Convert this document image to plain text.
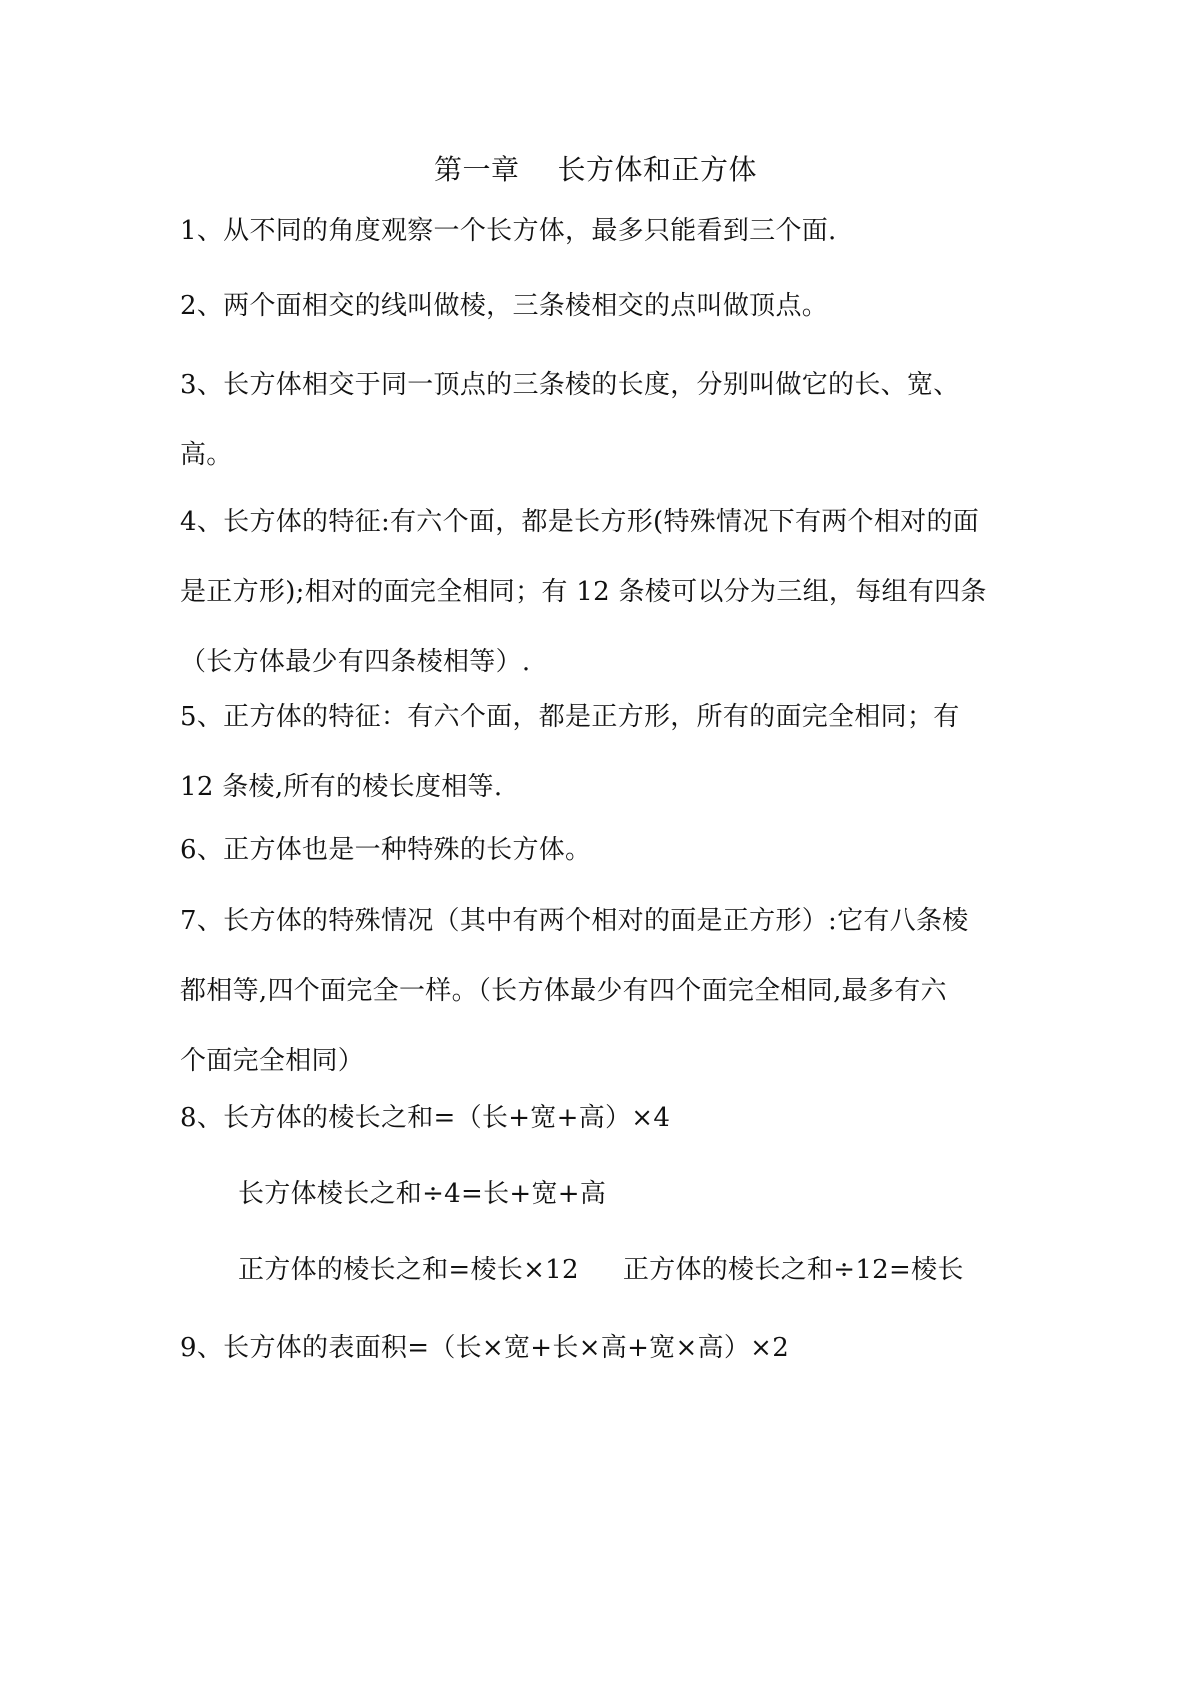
第一章　 长方体和正方体
1、从不同的角度观察一个长方体，最多只能看到三个面.
2、两个面相交的线叫做棱，三条棱相交的点叫做顶点。
3、长方体相交于同一顶点的三条棱的长度，分别叫做它的长、宽、
高。
4、长方体的特征:有六个面，都是长方形(特殊情况下有两个相对的面
是正方形);相对的面完全相同；有 12 条棱可以分为三组，每组有四条
（长方体最少有四条棱相等）.
5、正方体的特征：有六个面，都是正方形，所有的面完全相同；有
12 条棱,所有的棱长度相等.
6、正方体也是一种特殊的长方体。
7、长方体的特殊情况（其中有两个相对的面是正方形）:它有八条棱
都相等,四个面完全一样。（长方体最少有四个面完全相同,最多有六
个面完全相同）
8、长方体的棱长之和=（长+宽+高）×4
长方体棱长之和÷4=长+宽+高
正方体的棱长之和=棱长×12 正方体的棱长之和÷12=棱长
9、长方体的表面积=（长×宽+长×高+宽×高）×2
